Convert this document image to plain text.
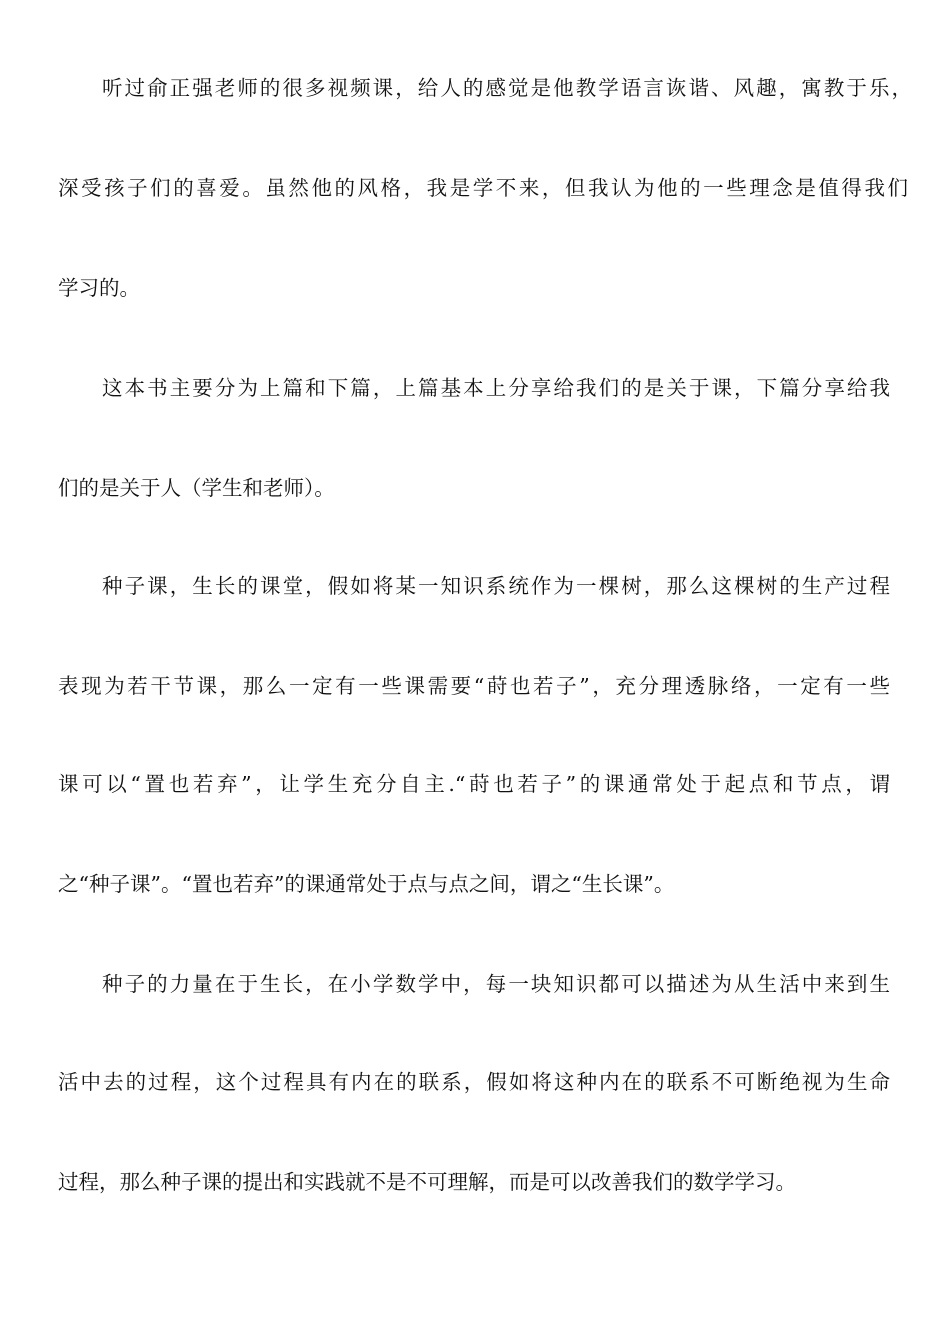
听过俞正强老师的很多视频课，给人的感觉是他教学语言诙谐、风趣，寓教于乐，
深受孩子们的喜爱。虽然他的风格，我是学不来，但我认为他的一些理念是值得我们
学习的。
这本书主要分为上篇和下篇，上篇基本上分享给我们的是关于课，下篇分享给我
们的是关于人（学生和老师）。
种子课，生长的课堂，假如将某一知识系统作为一棵树，那么这棵树的生产过程
表现为若干节课，那么一定有一些课需要“莳也若子”，充分理透脉络，一定有一些
课可以“置也若弃”，让学生充分自主.“莳也若子”的课通常处于起点和节点，谓
之“种子课”。“置也若弃”的课通常处于点与点之间，谓之“生长课”。
种子的力量在于生长，在小学数学中，每一块知识都可以描述为从生活中来到生
活中去的过程，这个过程具有内在的联系，假如将这种内在的联系不可断绝视为生命
过程，那么种子课的提出和实践就不是不可理解，而是可以改善我们的数学学习。
